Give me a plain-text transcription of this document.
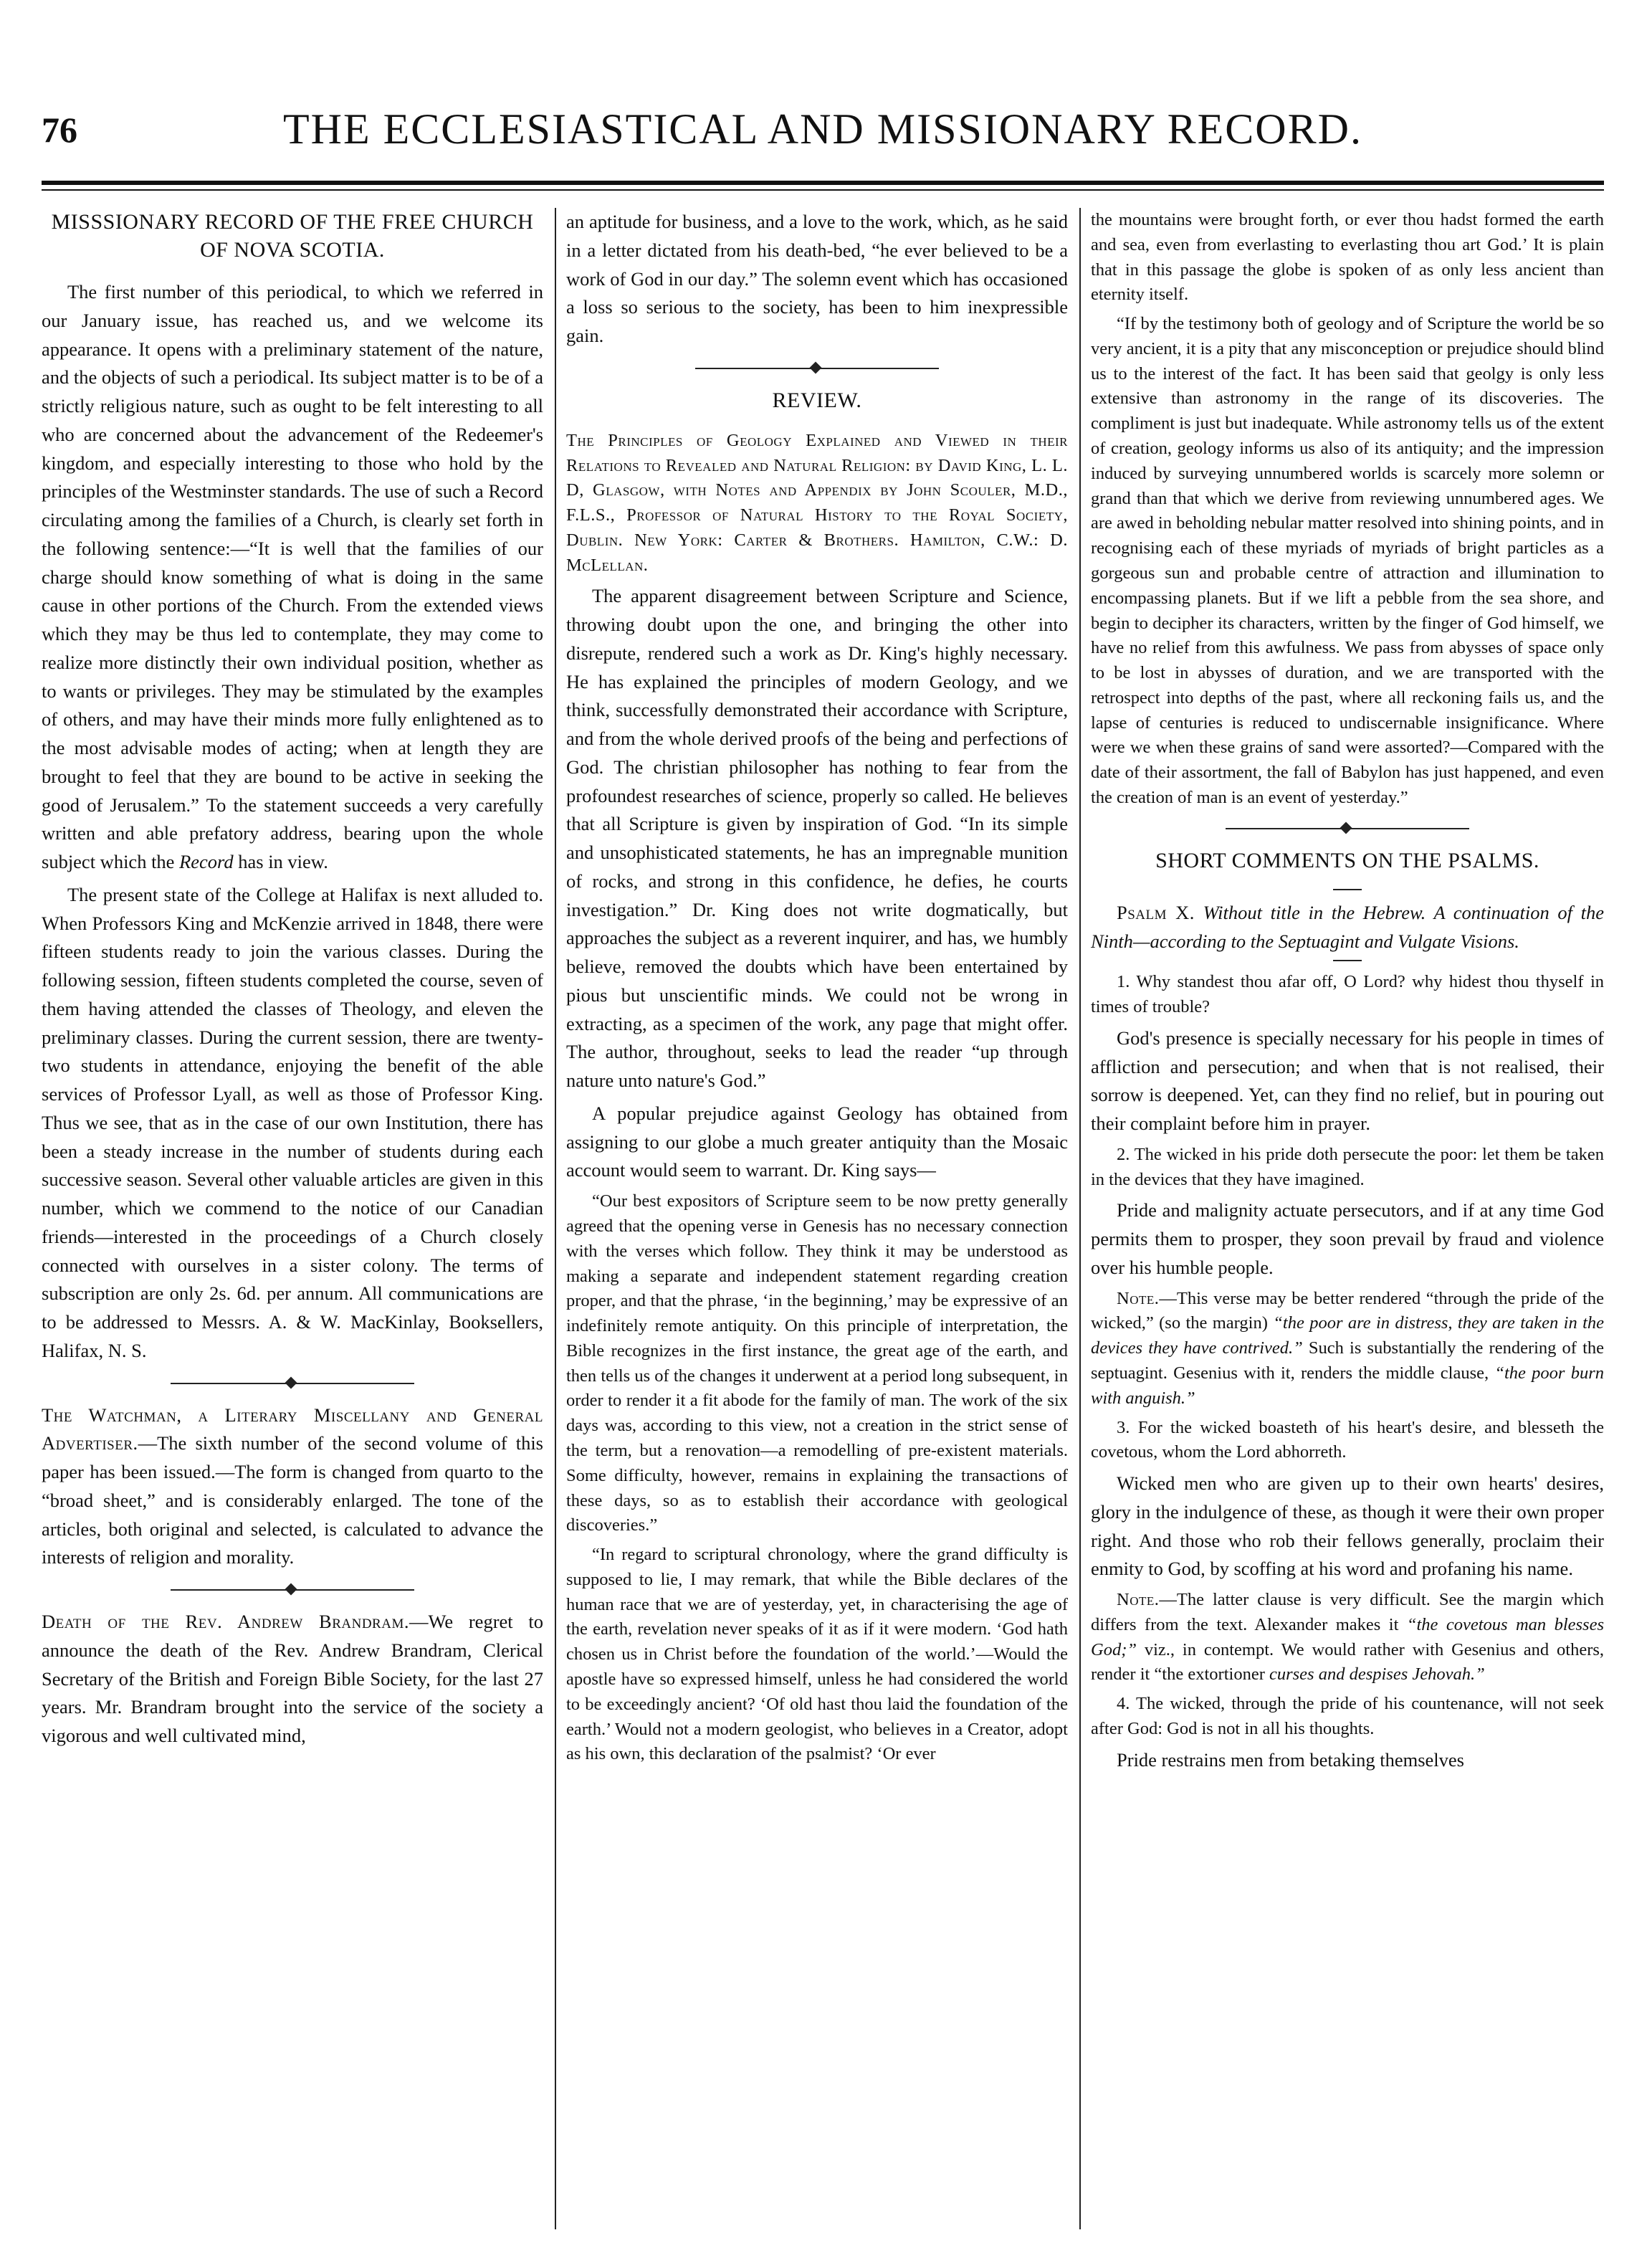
76	THE ECCLESIASTICAL AND MISSIONARY RECORD.
MISSSIONARY RECORD OF THE FREE CHURCH OF NOVA SCOTIA.

The first number of this periodical, to which we referred in our January issue, has reached us, and we welcome its appearance. It opens with a preliminary statement of the nature, and the objects of such a periodical. Its subject matter is to be of a strictly religious nature, such as ought to be felt interesting to all who are concerned about the advancement of the Redeemer's kingdom, and especially interesting to those who hold by the principles of the Westminster standards. The use of such a Record circulating among the families of a Church, is clearly set forth in the following sentence:—“It is well that the families of our charge should know something of what is doing in the same cause in other portions of the Church. From the extended views which they may be thus led to contemplate, they may come to realize more distinctly their own individual position, whether as to wants or privileges. They may be stimulated by the examples of others, and may have their minds more fully enlightened as to the most advisable modes of acting; when at length they are brought to feel that they are bound to be active in seeking the good of Jerusalem.” To the statement succeeds a very carefully written and able prefatory address, bearing upon the whole subject which the Record has in view.

The present state of the College at Halifax is next alluded to. When Professors King and McKenzie arrived in 1848, there were fifteen students ready to join the various classes. During the following session, fifteen students completed the course, seven of them having attended the classes of Theology, and eleven the preliminary classes. During the current session, there are twenty-two students in attendance, enjoying the benefit of the able services of Professor Lyall, as well as those of Professor King. Thus we see, that as in the case of our own Institution, there has been a steady increase in the number of students during each successive season. Several other valuable articles are given in this number, which we commend to the notice of our Canadian friends—interested in the proceedings of a Church closely connected with ourselves in a sister colony. The terms of subscription are only 2s. 6d. per annum. All communications are to be addressed to Messrs. A. & W. MacKinlay, Booksellers, Halifax, N. S.

The Watchman, a Literary Miscellany and General Advertiser.—The sixth number of the second volume of this paper has been issued.—The form is changed from quarto to the “broad sheet,” and is considerably enlarged. The tone of the articles, both original and selected, is calculated to advance the interests of religion and morality.

Death of the Rev. Andrew Brandram.—We regret to announce the death of the Rev. Andrew Brandram, Clerical Secretary of the British and Foreign Bible Society, for the last 27 years. Mr. Brandram brought into the service of the society a vigorous and well cultivated mind,

an aptitude for business, and a love to the work, which, as he said in a letter dictated from his death-bed, “he ever believed to be a work of God in our day.” The solemn event which has occasioned a loss so serious to the society, has been to him inexpressible gain.

REVIEW.

The Principles of Geology Explained and Viewed in their Relations to Revealed and Natural Religion: by David King, L. L. D, Glasgow, with Notes and Appendix by John Scouler, M.D., F.L.S., Professor of Natural History to the Royal Society, Dublin. New York: Carter & Brothers. Hamilton, C.W.: D. McLellan.

The apparent disagreement between Scripture and Science, throwing doubt upon the one, and bringing the other into disrepute, rendered such a work as Dr. King's highly necessary. He has explained the principles of modern Geology, and we think, successfully demonstrated their accordance with Scripture, and from the whole derived proofs of the being and perfections of God. The christian philosopher has nothing to fear from the profoundest researches of science, properly so called. He believes that all Scripture is given by inspiration of God. “In its simple and unsophisticated statements, he has an impregnable munition of rocks, and strong in this confidence, he defies, he courts investigation.” Dr. King does not write dogmatically, but approaches the subject as a reverent inquirer, and has, we humbly believe, removed the doubts which have been entertained by pious but unscientific minds. We could not be wrong in extracting, as a specimen of the work, any page that might offer. The author, throughout, seeks to lead the reader “up through nature unto nature's God.”

A popular prejudice against Geology has obtained from assigning to our globe a much greater antiquity than the Mosaic account would seem to warrant. Dr. King says—

“Our best expositors of Scripture seem to be now pretty generally agreed that the opening verse in Genesis has no necessary connection with the verses which follow. They think it may be understood as making a separate and independent statement regarding creation proper, and that the phrase, ‘in the beginning,’ may be expressive of an indefinitely remote antiquity. On this principle of interpretation, the Bible recognizes in the first instance, the great age of the earth, and then tells us of the changes it underwent at a period long subsequent, in order to render it a fit abode for the family of man. The work of the six days was, according to this view, not a creation in the strict sense of the term, but a renovation—a remodelling of pre-existent materials. Some difficulty, however, remains in explaining the transactions of these days, so as to establish their accordance with geological discoveries.”

“In regard to scriptural chronology, where the grand difficulty is supposed to lie, I may remark, that while the Bible declares of the human race that we are of yesterday, yet, in characterising the age of the earth, revelation never speaks of it as if it were modern. ‘God hath chosen us in Christ before the foundation of the world.’—Would the apostle have so expressed himself, unless he had considered the world to be exceedingly ancient? ‘Of old hast thou laid the foundation of the earth.’ Would not a modern geologist, who believes in a Creator, adopt as his own, this declaration of the psalmist? ‘Or ever

the mountains were brought forth, or ever thou hadst formed the earth and sea, even from everlasting to everlasting thou art God.’ It is plain that in this passage the globe is spoken of as only less ancient than eternity itself.

“If by the testimony both of geology and of Scripture the world be so very ancient, it is a pity that any misconception or prejudice should blind us to the interest of the fact. It has been said that geolgy is only less extensive than astronomy in the range of its discoveries. The compliment is just but inadequate. While astronomy tells us of the extent of creation, geology informs us also of its antiquity; and the impression induced by surveying unnumbered worlds is scarcely more solemn or grand than that which we derive from reviewing unnumbered ages. We are awed in beholding nebular matter resolved into shining points, and in recognising each of these myriads of myriads of bright particles as a gorgeous sun and probable centre of attraction and illumination to encompassing planets. But if we lift a pebble from the sea shore, and begin to decipher its characters, written by the finger of God himself, we have no relief from this awfulness. We pass from abysses of space only to be lost in abysses of duration, and we are transported with the retrospect into depths of the past, where all reckoning fails us, and the lapse of centuries is reduced to undiscernable insignificance. Where were we when these grains of sand were assorted?—Compared with the date of their assortment, the fall of Babylon has just happened, and even the creation of man is an event of yesterday.”

SHORT COMMENTS ON THE PSALMS.

Psalm X. Without title in the Hebrew. A continuation of the Ninth—according to the Septuagint and Vulgate Visions.

1. Why standest thou afar off, O Lord? why hidest thou thyself in times of trouble?

God's presence is specially necessary for his people in times of affliction and persecution; and when that is not realised, their sorrow is deepened. Yet, can they find no relief, but in pouring out their complaint before him in prayer.

2. The wicked in his pride doth persecute the poor: let them be taken in the devices that they have imagined.

Pride and malignity actuate persecutors, and if at any time God permits them to prosper, they soon prevail by fraud and violence over his humble people.

Note.—This verse may be better rendered “through the pride of the wicked,” (so the margin) “the poor are in distress, they are taken in the devices they have contrived.” Such is substantially the rendering of the septuagint. Gesenius with it, renders the middle clause, “the poor burn with anguish.”

3. For the wicked boasteth of his heart's desire, and blesseth the covetous, whom the Lord abhorreth.

Wicked men who are given up to their own hearts' desires, glory in the indulgence of these, as though it were their own proper right. And those who rob their fellows generally, proclaim their enmity to God, by scoffing at his word and profaning his name.

Note.—The latter clause is very difficult. See the margin which differs from the text. Alexander makes it “the covetous man blesses God;” viz., in contempt. We would rather with Gesenius and others, render it “the extortioner curses and despises Jehovah.”

4. The wicked, through the pride of his countenance, will not seek after God: God is not in all his thoughts.

Pride restrains men from betaking themselves
